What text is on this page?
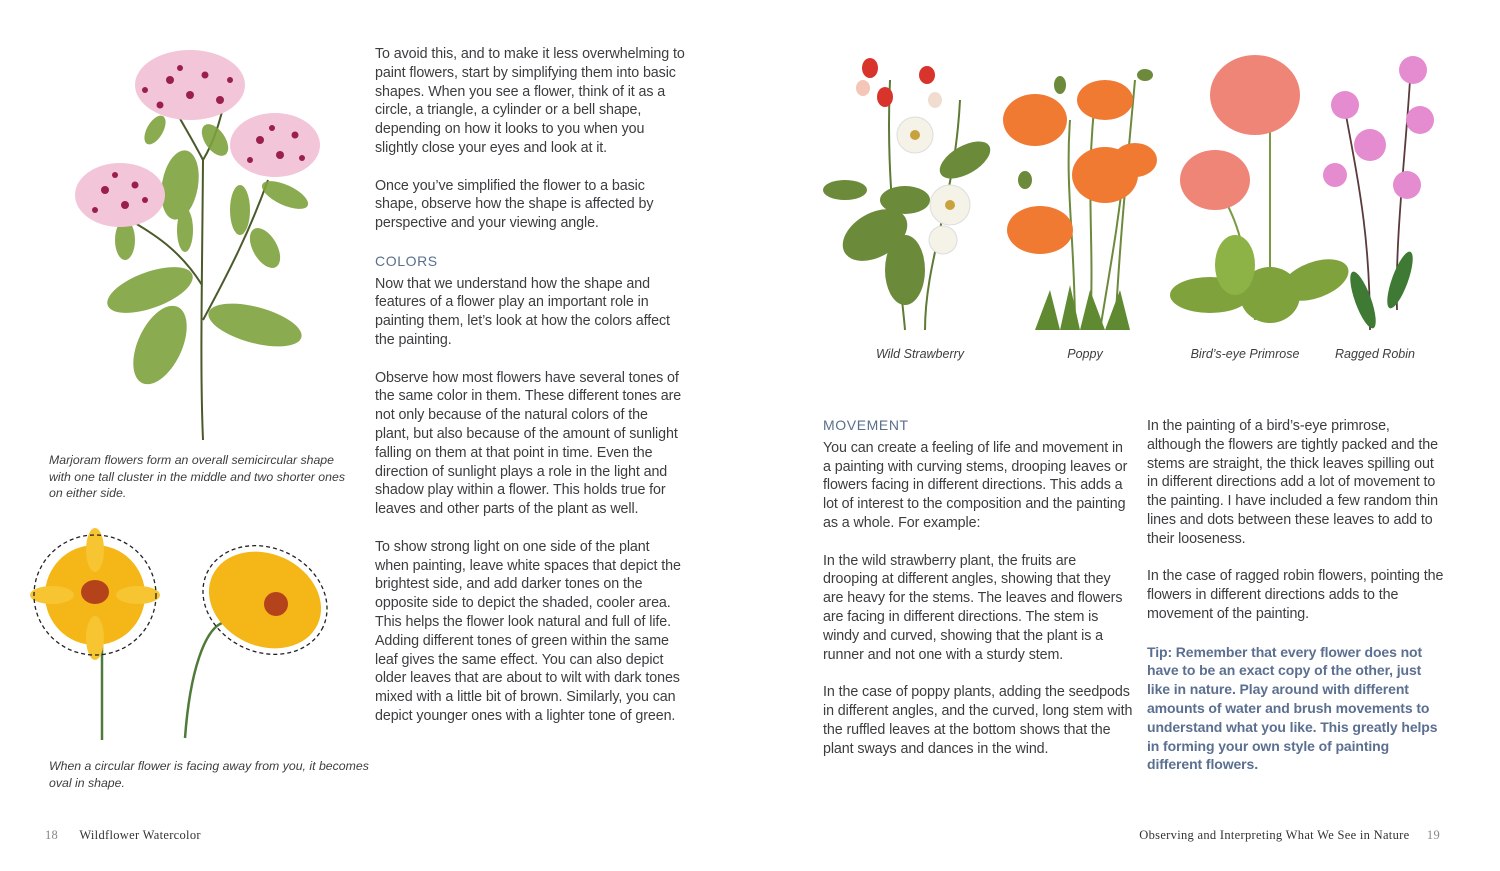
Marjoram flowers form an overall semicircular shape with one tall cluster in the middle and two shorter ones on either side.
When a circular flower is facing away from you, it becomes oval in shape.

To avoid this, and to make it less overwhelming to paint flowers, start by simplifying them into basic shapes. When you see a flower, think of it as a circle, a triangle, a cylinder or a bell shape, depending on how it looks to you when you slightly close your eyes and look at it.

Once you’ve simplified the flower to a basic shape, observe how the shape is affected by perspective and your viewing angle.

COLORS

Now that we understand how the shape and features of a flower play an important role in painting them, let’s look at how the colors affect the painting.

Observe how most flowers have several tones of the same color in them. These different tones are not only because of the natural colors of the plant, but also because of the amount of sunlight falling on them at that point in time. Even the direction of sunlight plays a role in the light and shadow play within a flower. This holds true for leaves and other parts of the plant as well.

To show strong light on one side of the plant when painting, leave white spaces that depict the brightest side, and add darker tones on the opposite side to depict the shaded, cooler area. This helps the flower look natural and full of life. Adding different tones of green within the same leaf gives the same effect. You can also depict older leaves that are about to wilt with dark tones mixed with a little bit of brown. Similarly, you can depict younger ones with a lighter tone of green.

18 Wildflower Watercolor
Wild Strawberry	Poppy	Bird’s-eye Primrose	Ragged Robin
MOVEMENT

You can create a feeling of life and movement in a painting with curving stems, drooping leaves or flowers facing in different directions. This adds a lot of interest to the composition and the painting as a whole. For example:

In the wild strawberry plant, the fruits are drooping at different angles, showing that they are heavy for the stems. The leaves and flowers are facing in different directions. The stem is windy and curved, showing that the plant is a runner and not one with a sturdy stem.

In the case of poppy plants, adding the seedpods in different angles, and the curved, long stem with the ruffled leaves at the bottom shows that the plant sways and dances in the wind.

In the painting of a bird’s-eye primrose, although the flowers are tightly packed and the stems are straight, the thick leaves spilling out in different directions add a lot of movement to the painting. I have included a few random thin lines and dots between these leaves to add to their looseness.

In the case of ragged robin flowers, pointing the flowers in different directions adds to the movement of the painting.

Tip: Remember that every flower does not have to be an exact copy of the other, just like in nature. Play around with different amounts of water and brush movements to understand what you like. This greatly helps in forming your own style of painting different flowers.
Observing and Interpreting What We See in Nature 19
